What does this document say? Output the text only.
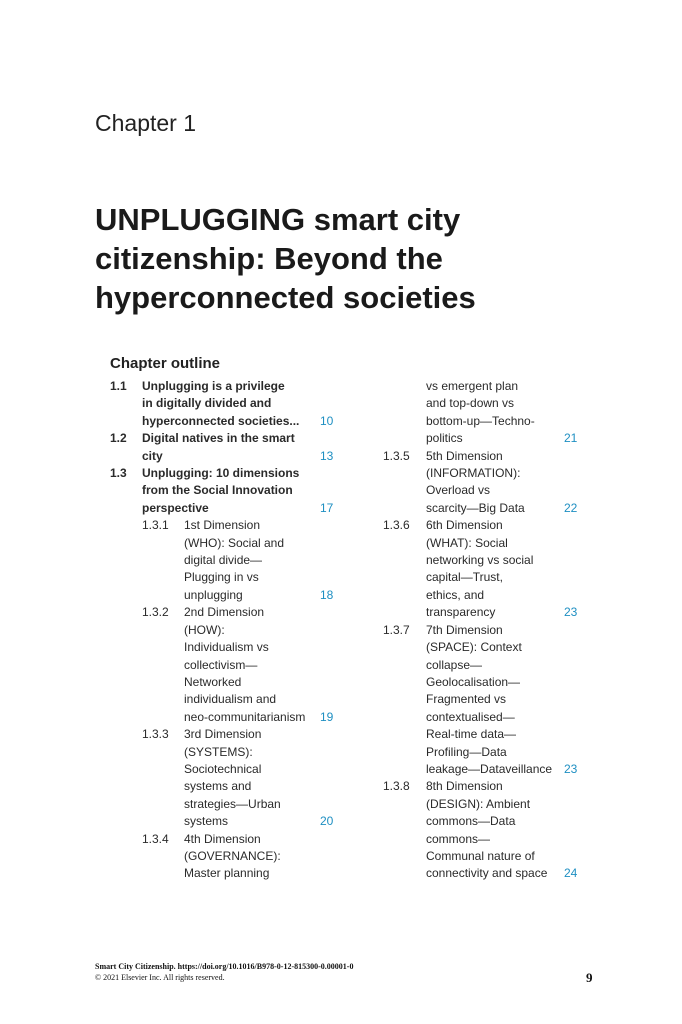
Chapter 1
UNPLUGGING smart city citizenship: Beyond the hyperconnected societies
Chapter outline
1.1 Unplugging is a privilege
in digitally divided and
hyperconnected societies... 10
1.2 Digital natives in the smart
city	13
1.3 Unplugging: 10 dimensions
from the Social Innovation
perspective	17
1.3.1 1st Dimension
(WHO): Social and
digital divide—
Plugging in vs
unplugging	18
1.3.2 2nd Dimension
(HOW):
Individualism vs
collectivism—
Networked
individualism and
neo-communitarianism	19
1.3.3 3rd Dimension
(SYSTEMS):
Sociotechnical
systems and
strategies—Urban
systems	20
1.3.4 4th Dimension
(GOVERNANCE):
Master planning
vs emergent plan
and top-down vs
bottom-up—Techno-
politics	21
1.3.5 5th Dimension
(INFORMATION):
Overload vs
scarcity—Big Data	22
1.3.6 6th Dimension
(WHAT): Social
networking vs social
capital—Trust,
ethics, and
transparency	23
1.3.7 7th Dimension
(SPACE): Context
collapse—
Geolocalisation—
Fragmented vs
contextualised—
Real-time data—
Profiling—Data
leakage—Dataveillance 23
1.3.8 8th Dimension
(DESIGN): Ambient
commons—Data
commons—
Communal nature of
connectivity and space	24
Smart City Citizenship. https://doi.org/10.1016/B978-0-12-815300-0.00001-0
© 2021 Elsevier Inc. All rights reserved.	9
